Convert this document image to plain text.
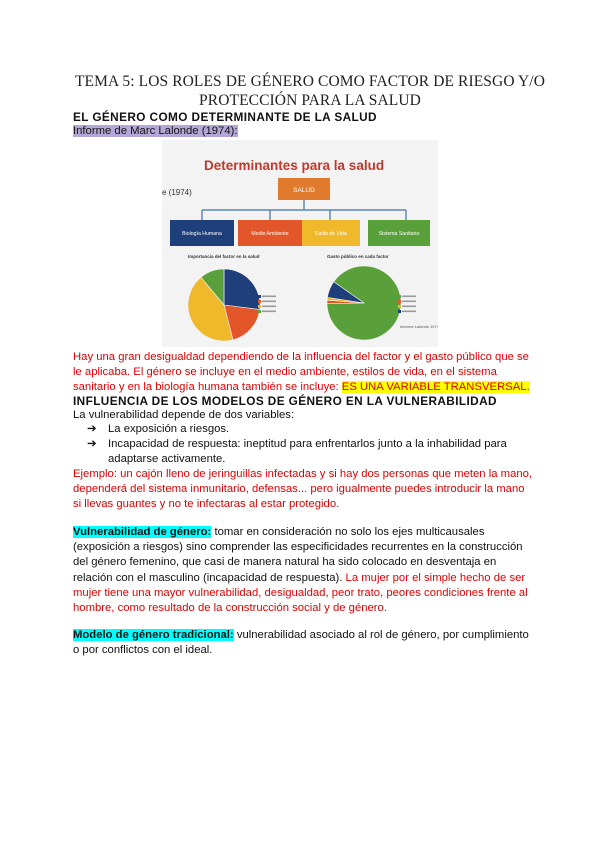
TEMA 5: LOS ROLES DE GÉNERO COMO FACTOR DE RIESGO Y/O
PROTECCIÓN PARA LA SALUD
EL GÉNERO COMO DETERMINANTE DE LA SALUD
Informe de Marc Lalonde (1974):
Determinantes para la salud
e (1974)	SALUD
Biología Humana	Medio Ambiente	Estilo de Vida	Sistema Sanitario
Importancia del factor en la salud	Gasto público en cada factor
Informe Lalonde 1974
Hay una gran desigualdad dependiendo de la influencia del factor y el gasto público que se
le aplicaba. El género se incluye en el medio ambiente, estilos de vida, en el sistema
sanitario y en la biología humana también se incluye: ES UNA VARIABLE TRANSVERSAL.
INFLUENCIA DE LOS MODELOS DE GÉNERO EN LA VULNERABILIDAD
La vulnerabilidad depende de dos variables:
➔ La exposición a riesgos.
➔ Incapacidad de respuesta: ineptitud para enfrentarlos junto a la inhabilidad para
adaptarse activamente.
Ejemplo: un cajón lleno de jeringuillas infectadas y si hay dos personas que meten la mano,
dependerá del sistema inmunitario, defensas... pero igualmente puedes introducir la mano
si llevas guantes y no te infectaras al estar protegido.
Vulnerabilidad de género: tomar en consideración no solo los ejes multicausales
(exposición a riesgos) sino comprender las especificidades recurrentes en la construcción
del género femenino, que casi de manera natural ha sido colocado en desventaja en
relación con el masculino (incapacidad de respuesta). La mujer por el simple hecho de ser
mujer tiene una mayor vulnerabilidad, desigualdad, peor trato, peores condiciones frente al
hombre, como resultado de la construcción social y de género.
Modelo de género tradicional: vulnerabilidad asociado al rol de género, por cumplimiento
o por conflictos con el ideal.
